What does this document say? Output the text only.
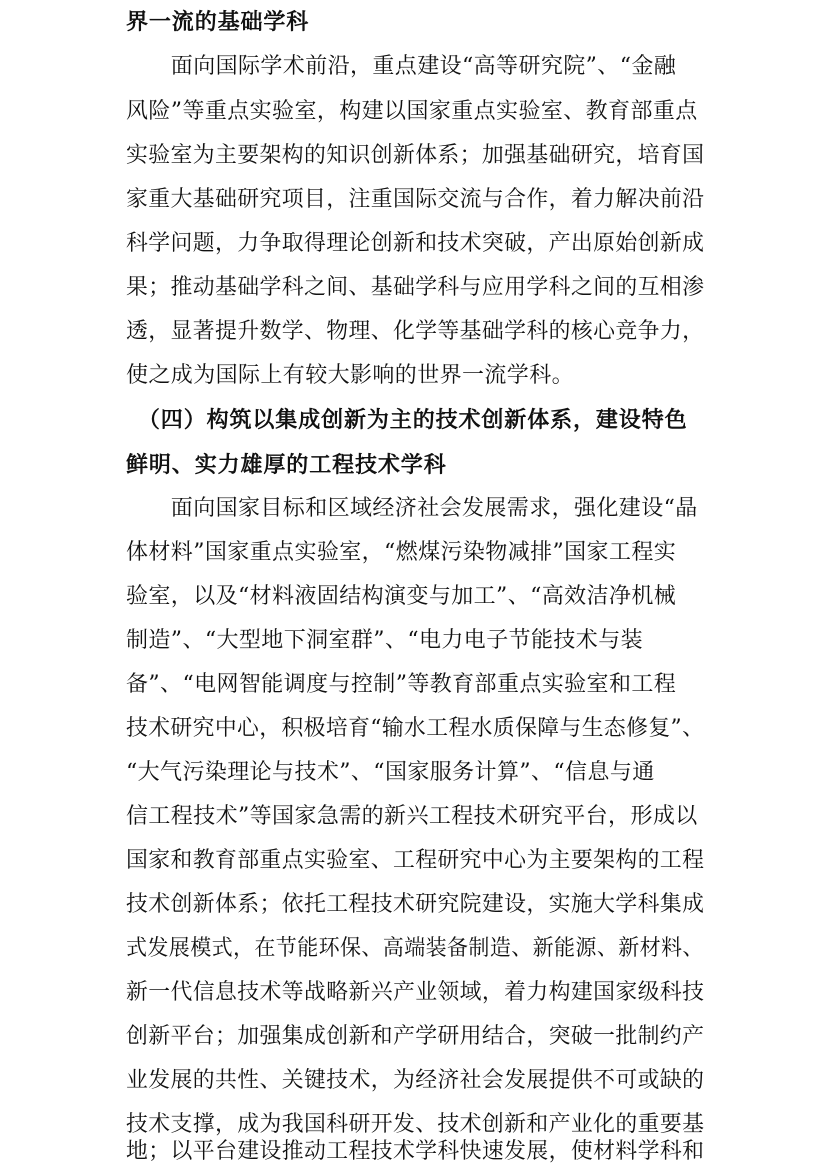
界一流的基础学科
　　面向国际学术前沿，重点建设“高等研究院”、“金融
风险”等重点实验室，构建以国家重点实验室、教育部重点
实验室为主要架构的知识创新体系；加强基础研究，培育国
家重大基础研究项目，注重国际交流与合作，着力解决前沿
科学问题，力争取得理论创新和技术突破，产出原始创新成
果；推动基础学科之间、基础学科与应用学科之间的互相渗
透，显著提升数学、物理、化学等基础学科的核心竞争力，
使之成为国际上有较大影响的世界一流学科。
　（四）构筑以集成创新为主的技术创新体系，建设特色
鲜明、实力雄厚的工程技术学科
　　面向国家目标和区域经济社会发展需求，强化建设“晶
体材料”国家重点实验室，“燃煤污染物减排”国家工程实
验室，以及“材料液固结构演变与加工”、“高效洁净机械
制造”、“大型地下洞室群”、“电力电子节能技术与装
备”、“电网智能调度与控制”等教育部重点实验室和工程
技术研究中心，积极培育“输水工程水质保障与生态修复”、
“大气污染理论与技术”、“国家服务计算”、“信息与通
信工程技术”等国家急需的新兴工程技术研究平台，形成以
国家和教育部重点实验室、工程研究中心为主要架构的工程
技术创新体系；依托工程技术研究院建设，实施大学科集成
式发展模式，在节能环保、高端装备制造、新能源、新材料、
新一代信息技术等战略新兴产业领域，着力构建国家级科技
创新平台；加强集成创新和产学研用结合，突破一批制约产
业发展的共性、关键技术，为经济社会发展提供不可或缺的
技术支撑，成为我国科研开发、技术创新和产业化的重要基
地；以平台建设推动工程技术学科快速发展，使材料学科和
